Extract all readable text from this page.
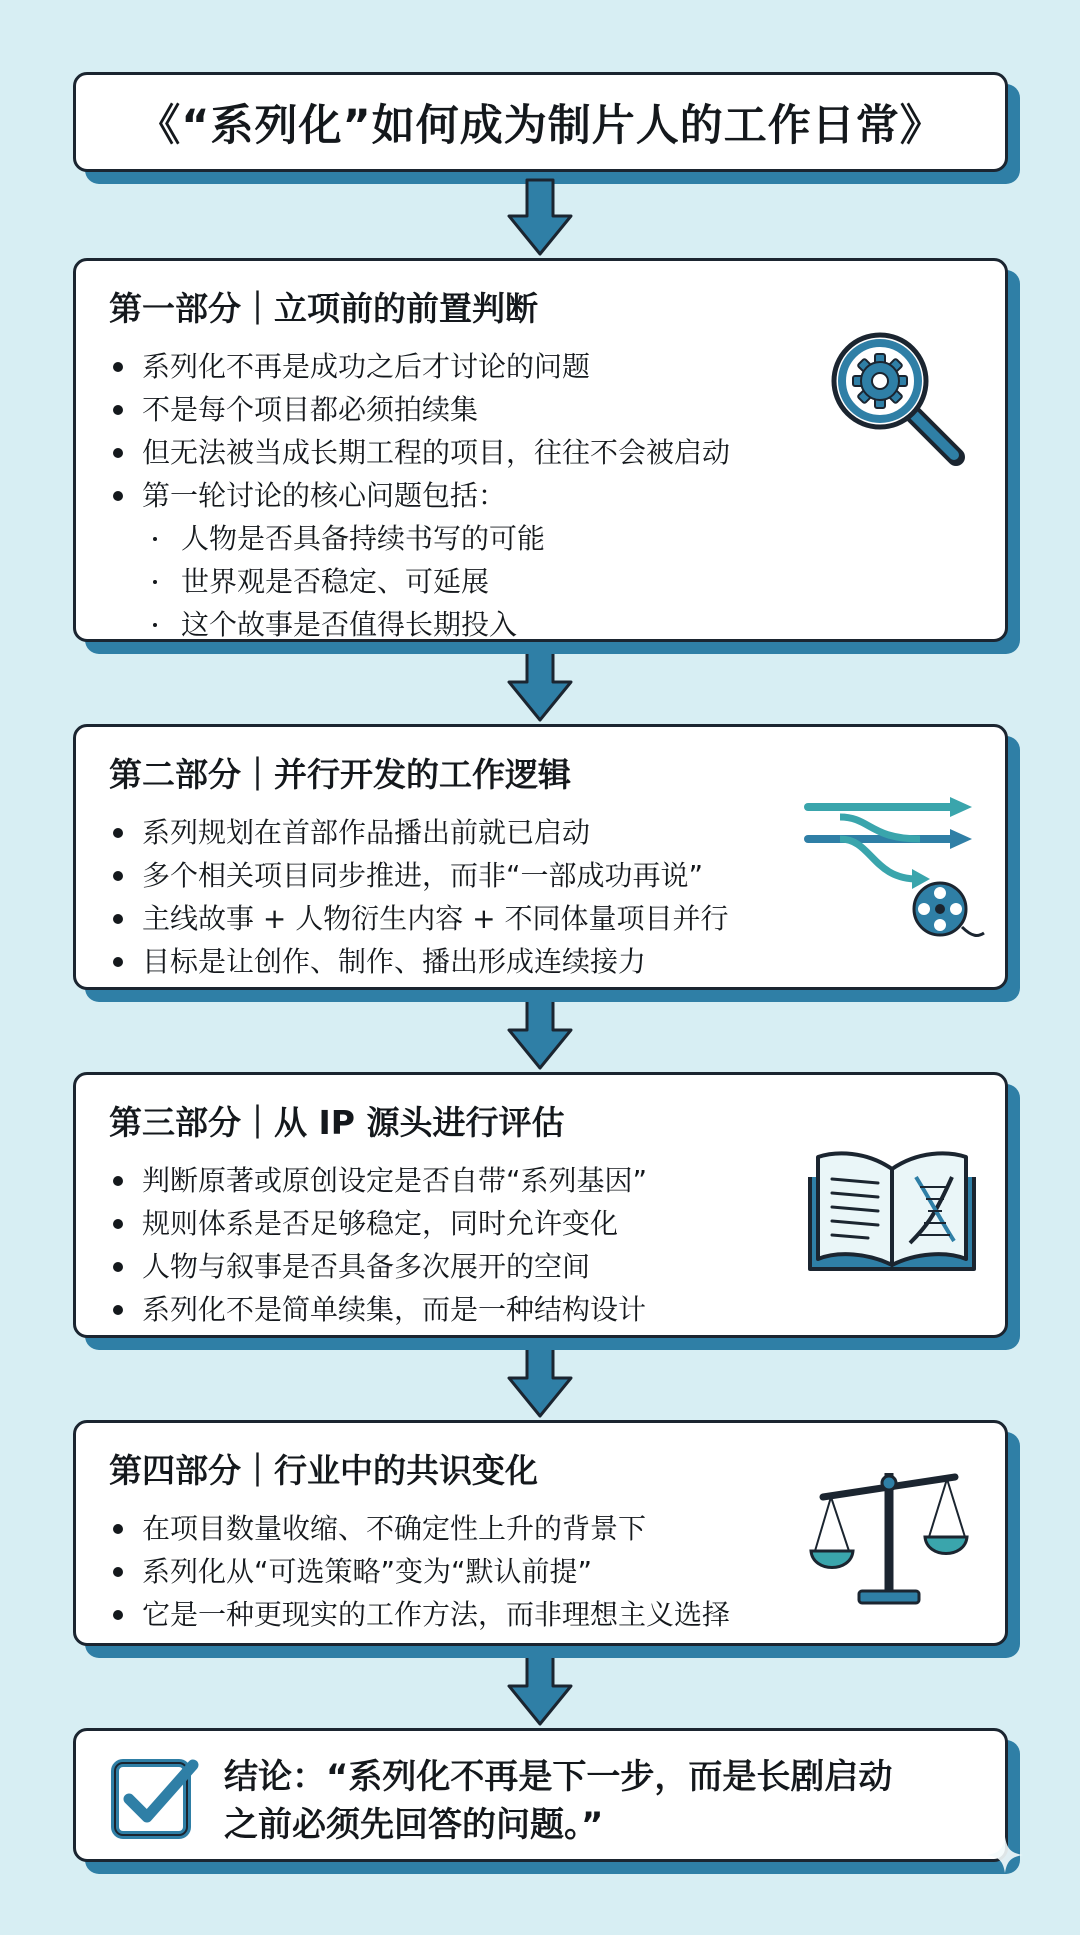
《“系列化”如何成为制片人的工作日常》
第一部分｜立项前的前置判断
系列化不再是成功之后才讨论的问题
不是每个项目都必须拍续集
但无法被当成长期工程的项目，往往不会被启动
第一轮讨论的核心问题包括：
人物是否具备持续书写的可能
世界观是否稳定、可延展
这个故事是否值得长期投入
第二部分｜并行开发的工作逻辑
系列规划在首部作品播出前就已启动
多个相关项目同步推进，而非“一部成功再说”
主线故事 + 人物衍生内容 + 不同体量项目并行
目标是让创作、制作、播出形成连续接力
第三部分｜从 IP 源头进行评估
判断原著或原创设定是否自带“系列基因”
规则体系是否足够稳定，同时允许变化
人物与叙事是否具备多次展开的空间
系列化不是简单续集，而是一种结构设计
第四部分｜行业中的共识变化
在项目数量收缩、不确定性上升的背景下
系列化从“可选策略”变为“默认前提”
它是一种更现实的工作方法，而非理想主义选择
结论：“系列化不再是下一步，而是长剧启动
之前必须先回答的问题。”
